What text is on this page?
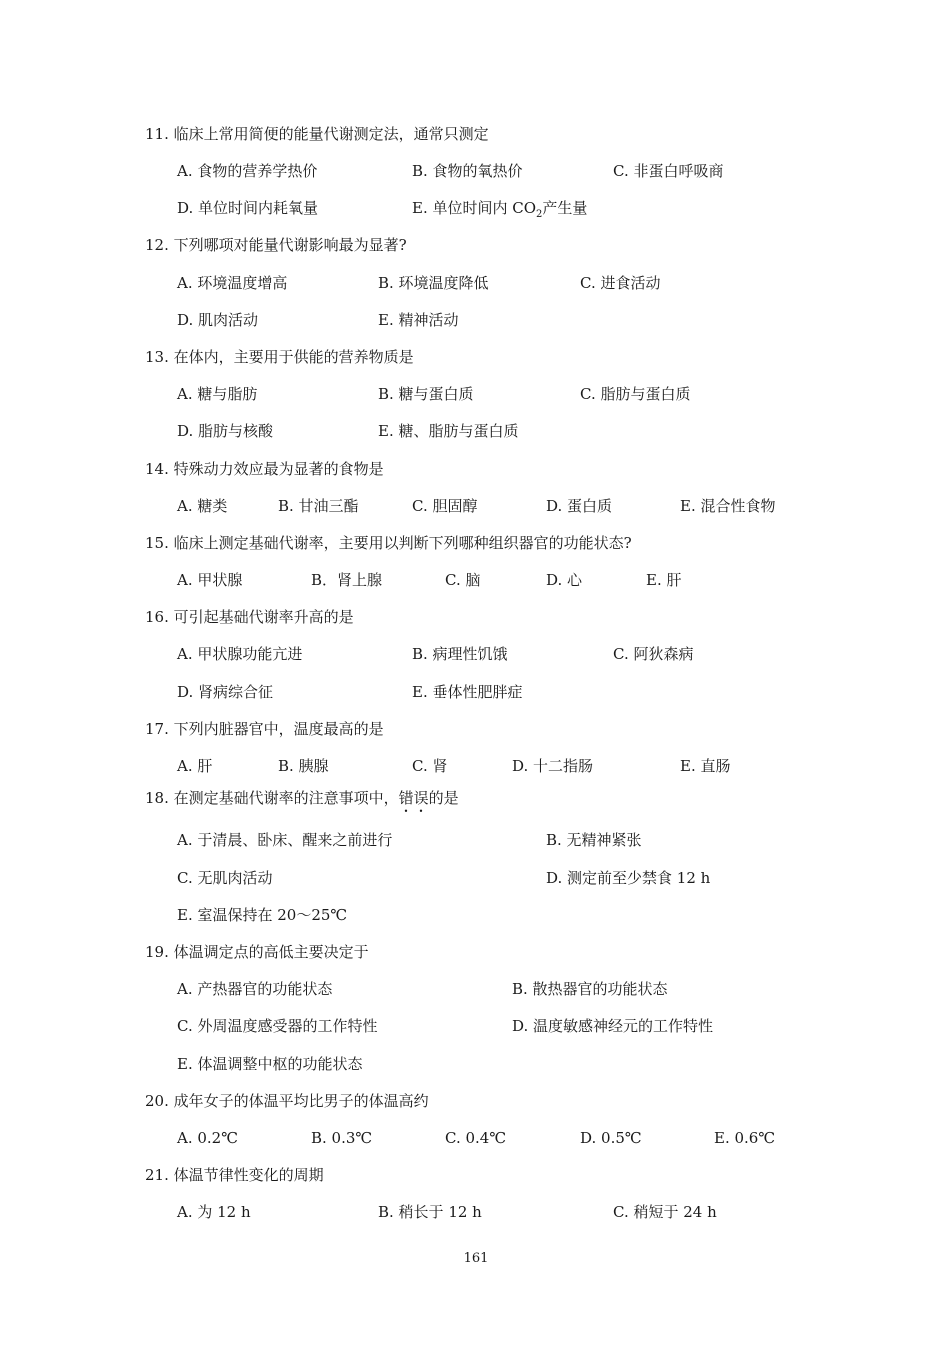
11. 临床上常用简便的能量代谢测定法，通常只测定
A. 食物的营养学热价	B. 食物的氧热价	C. 非蛋白呼吸商
D. 单位时间内耗氧量	E. 单位时间内 $CO_2$产生量
12. 下列哪项对能量代谢影响最为显著?
A. 环境温度增高	B. 环境温度降低	C. 进食活动
D. 肌肉活动	E. 精神活动
13. 在体内，主要用于供能的营养物质是
A. 糖与脂肪	B. 糖与蛋白质	C. 脂肪与蛋白质
D. 脂肪与核酸	E. 糖、脂肪与蛋白质
14. 特殊动力效应最为显著的食物是
A. 糖类	B. 甘油三酯	C. 胆固醇	D. 蛋白质	E. 混合性食物
15. 临床上测定基础代谢率，主要用以判断下列哪种组织器官的功能状态?
A. 甲状腺	B．肾上腺	C. 脑	D. 心	E. 肝
16. 可引起基础代谢率升高的是
A. 甲状腺功能亢进	B. 病理性饥饿	C. 阿狄森病
D. 肾病综合征	E. 垂体性肥胖症
17. 下列内脏器官中，温度最高的是
A. 肝	B. 胰腺	C. 肾	D. 十二指肠	E. 直肠
18. 在测定基础代谢率的注意事项中，错误的是
A. 于清晨、卧床、醒来之前进行	B. 无精神紧张
C. 无肌肉活动	D. 测定前至少禁食 12 h
E. 室温保持在 20～25℃
19. 体温调定点的高低主要决定于
A. 产热器官的功能状态	B. 散热器官的功能状态
C. 外周温度感受器的工作特性	D. 温度敏感神经元的工作特性
E. 体温调整中枢的功能状态
20. 成年女子的体温平均比男子的体温高约
A. 0.2℃	B. 0.3℃	C. 0.4℃	D. 0.5℃	E. 0.6℃
21. 体温节律性变化的周期
A. 为 12 h	B. 稍长于 12 h	C. 稍短于 24 h
161
